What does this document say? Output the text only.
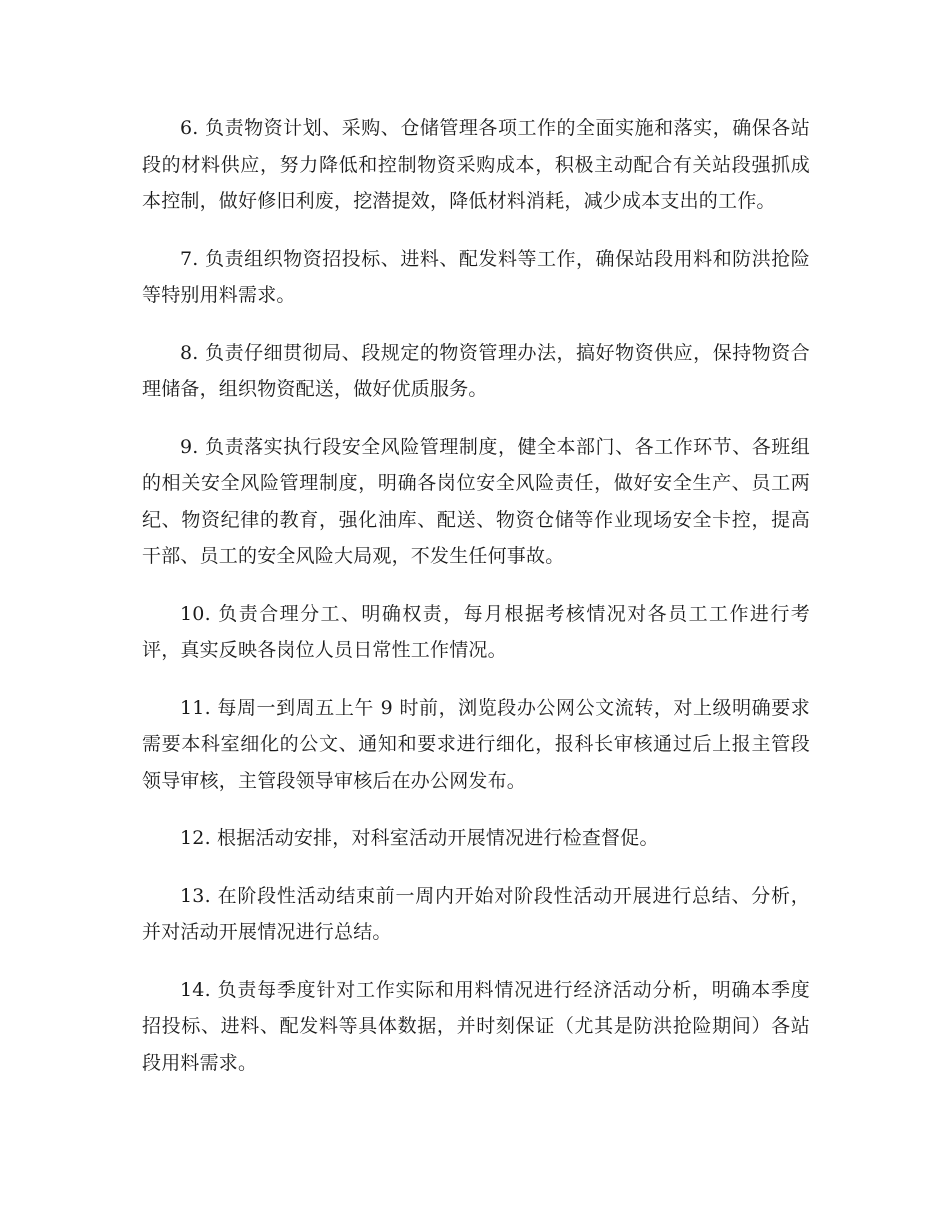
6. 负责物资计划、采购、仓储管理各项工作的全面实施和落实，确保各站段的材料供应，努力降低和控制物资采购成本，积极主动配合有关站段强抓成本控制，做好修旧利废，挖潜提效，降低材料消耗，减少成本支出的工作。

7. 负责组织物资招投标、进料、配发料等工作，确保站段用料和防洪抢险等特别用料需求。

8. 负责仔细贯彻局、段规定的物资管理办法，搞好物资供应，保持物资合理储备，组织物资配送，做好优质服务。

9. 负责落实执行段安全风险管理制度，健全本部门、各工作环节、各班组的相关安全风险管理制度，明确各岗位安全风险责任，做好安全生产、员工两纪、物资纪律的教育，强化油库、配送、物资仓储等作业现场安全卡控，提高干部、员工的安全风险大局观，不发生任何事故。

10. 负责合理分工、明确权责，每月根据考核情况对各员工工作进行考评，真实反映各岗位人员日常性工作情况。

11. 每周一到周五上午 9 时前，浏览段办公网公文流转，对上级明确要求需要本科室细化的公文、通知和要求进行细化，报科长审核通过后上报主管段领导审核，主管段领导审核后在办公网发布。

12. 根据活动安排，对科室活动开展情况进行检查督促。

13. 在阶段性活动结束前一周内开始对阶段性活动开展进行总结、分析，并对活动开展情况进行总结。

14. 负责每季度针对工作实际和用料情况进行经济活动分析，明确本季度招投标、进料、配发料等具体数据，并时刻保证（尤其是防洪抢险期间）各站段用料需求。
